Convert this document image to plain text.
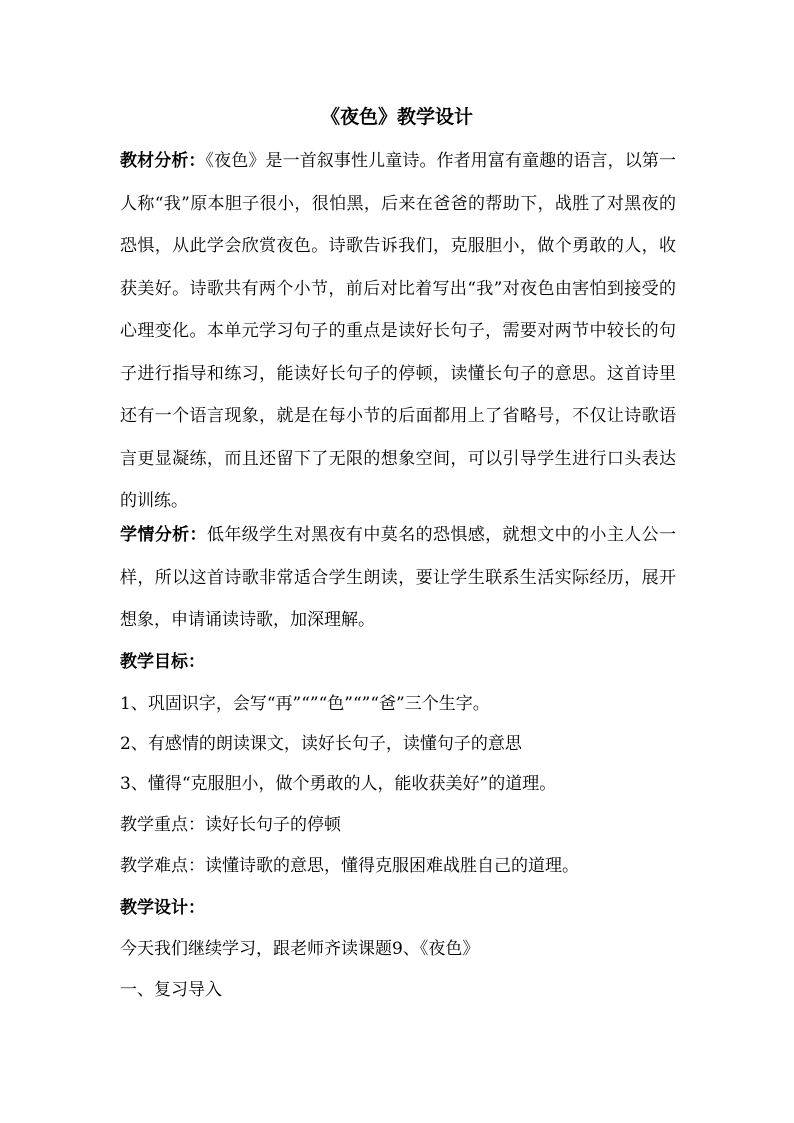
《夜色》教学设计
教材分析：《夜色》是一首叙事性儿童诗。作者用富有童趣的语言，以第一人称“我”原本胆子很小，很怕黑，后来在爸爸的帮助下，战胜了对黑夜的恐惧，从此学会欣赏夜色。诗歌告诉我们，克服胆小，做个勇敢的人，收获美好。诗歌共有两个小节，前后对比着写出“我”对夜色由害怕到接受的心理变化。本单元学习句子的重点是读好长句子，需要对两节中较长的句子进行指导和练习，能读好长句子的停顿，读懂长句子的意思。这首诗里还有一个语言现象，就是在每小节的后面都用上了省略号，不仅让诗歌语言更显凝练，而且还留下了无限的想象空间，可以引导学生进行口头表达的训练。
学情分析：低年级学生对黑夜有中莫名的恐惧感，就想文中的小主人公一样，所以这首诗歌非常适合学生朗读，要让学生联系生活实际经历，展开想象，申请诵读诗歌，加深理解。
教学目标：
1、巩固识字，会写“再”“”“色”“”“爸”三个生字。
2、有感情的朗读课文，读好长句子，读懂句子的意思
3、懂得“克服胆小，做个勇敢的人，能收获美好”的道理。
教学重点：读好长句子的停顿
教学难点：读懂诗歌的意思，懂得克服困难战胜自己的道理。
教学设计：
今天我们继续学习，跟老师齐读课题9、《夜色》
一、复习导入
